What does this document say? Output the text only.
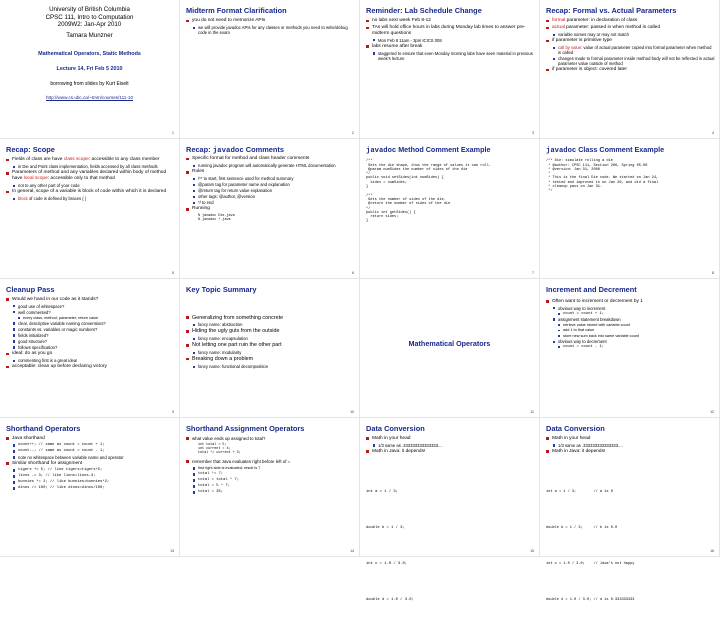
University of British Columbia
CPSC 111, Intro to Computation
2009W2: Jan-Apr 2010
Tamara Munzner
Mathematical Operators, Static Methods
Lecture 14, Fri Feb 5 2010
borrowing from slides by Kurt Eiselt
http://www.cs.ubc.ca/~tmm/courses/111-10
1
Midterm Format Clarification
you do not need to memorize APIs
we will provide javadoc APIs for any classes or methods you need to write/debug code in the exam
2
Reminder: Lab Schedule Change
no labs next week Feb 8-12
TAs will hold office hours in labs during Monday lab times to answer pre-midterm questions
Mon Feb 8 11am - 3pm ICICS 008
labs resume after break
staggered to ensure that even Monday morning labs have seen material in previous week's lecture
3
Recap: Formal vs. Actual Parameters
formal parameter: in declaration of class
actual parameter: passed in when method is called
variable names may or may not match
if parameter is primitive type
call by value: value of actual parameter copied into formal parameter when method is called
changes made to formal parameter inside method body will not be reflected in actual parameter value outside of method
if parameter is object: covered later
4
Recap: Scope
Fields of class are have class scope: accessible to any class member
in Die and Point class implementation, fields accessed by all class methods
Parameters of method and any variables declared within body of method have local scope: accessible only to that method
not to any other part of your code
In general, scope of a variable is block of code within which it is declared
block of code is defined by braces { }
5
Recap: javadoc Comments
Specific format for method and class header comments
running javadoc program will automatically generate HTML documentation
Rules
/** to start, first sentence used for method summary
@param tag for parameter name and explanation
@return tag for return value explanation
other tags: @author, @version
*/ to end
Running
% javadoc Die.java
% javadoc *.java
6
javadoc Method Comment Example
/**
Sets the die shape, thus the range of values it can roll.
@param numSides the number of sides of the die
*/
public void setSides(int numSides) {
sides = numSides;
}

/**
Gets the number of sides of the die.
@return the number of sides of the die
*/
public int getSides() {
return sides;
}
7
javadoc Class Comment Example
/** Die: simulate rolling a die
* @author: CPSC 111, Section 206, Spring 05-06
* @version: Jan 31, 2006
*
* This is the final Die code. We started on Jan 24,
* tested and improved in on Jan 26, and did a final
* cleanup pass on Jan 31.
*/
8
Cleanup Pass
Would we hand in our code as it stands?
good use of whitespace?
well commented?
every class, method, parameter, return value
clear, descriptive variable naming conventions?
constants vs. variables or magic numbers?
fields initialized?
good structure?
follows specification?
ideal: do as you go
commenting first is a great idea!
acceptable: clean up before declaring victory
9
Key Topic Summary
Generalizing from something concrete
fancy name: abstraction
Hiding the ugly guts from the outside
fancy name: encapsulation
Not letting one part ruin the other part
fancy name: modularity
Breaking down a problem
fancy name: functional decomposition
10
Mathematical Operators
11
Increment and Decrement
Often want to increment or decrement by 1
obvious way to increment
count = count + 1;
assignment statement breakdown
retrieve value stored with variable count
add 1 to that value
store new sum back into same variable count
obvious way to decrement
count = count - 1;
12
Shorthand Operators
Java shorthand
count++; // same as count = count + 1;
count--; // same as count = count - 1;
note no whitespace between variable name and operator
Similar shorthand for assignment
tigers += 5; // like tigers=tigers+5;
lions -= 3; // like lions=lions-3;
bunnies *= 2; // like bunnies=bunnies*2;
dinos /= 100; // like dinos=dinos/100;
13
Shorthand Assignment Operators
what value ends up assigned to total?
int total = 5;
int current = 4;
total *= current + 3;
remember that Java evaluates right before left of =
first right side is evaluated: result is 7
total *= 7;
total = total * 7;
total = 5 * 7;
total = 35;
14
Data Conversion
Math in your head
1/3 same as .333333333333333....
Math in Java: it depends!

int a = 1 / 3;

double b = 1 / 3;

int c = 1.0 / 3.0;

double d = 1.0 / 3.0;

15
Data Conversion
Math in your head
1/3 same as .333333333333333....
Math in Java: it depends!

int a = 1 / 3;        // a is 0

double b = 1 / 3;     // b is 0.0

int c = 1.0 / 3.0;    // Java's not happy

double d = 1.0 / 3.0; // d is 0.333333333

16
